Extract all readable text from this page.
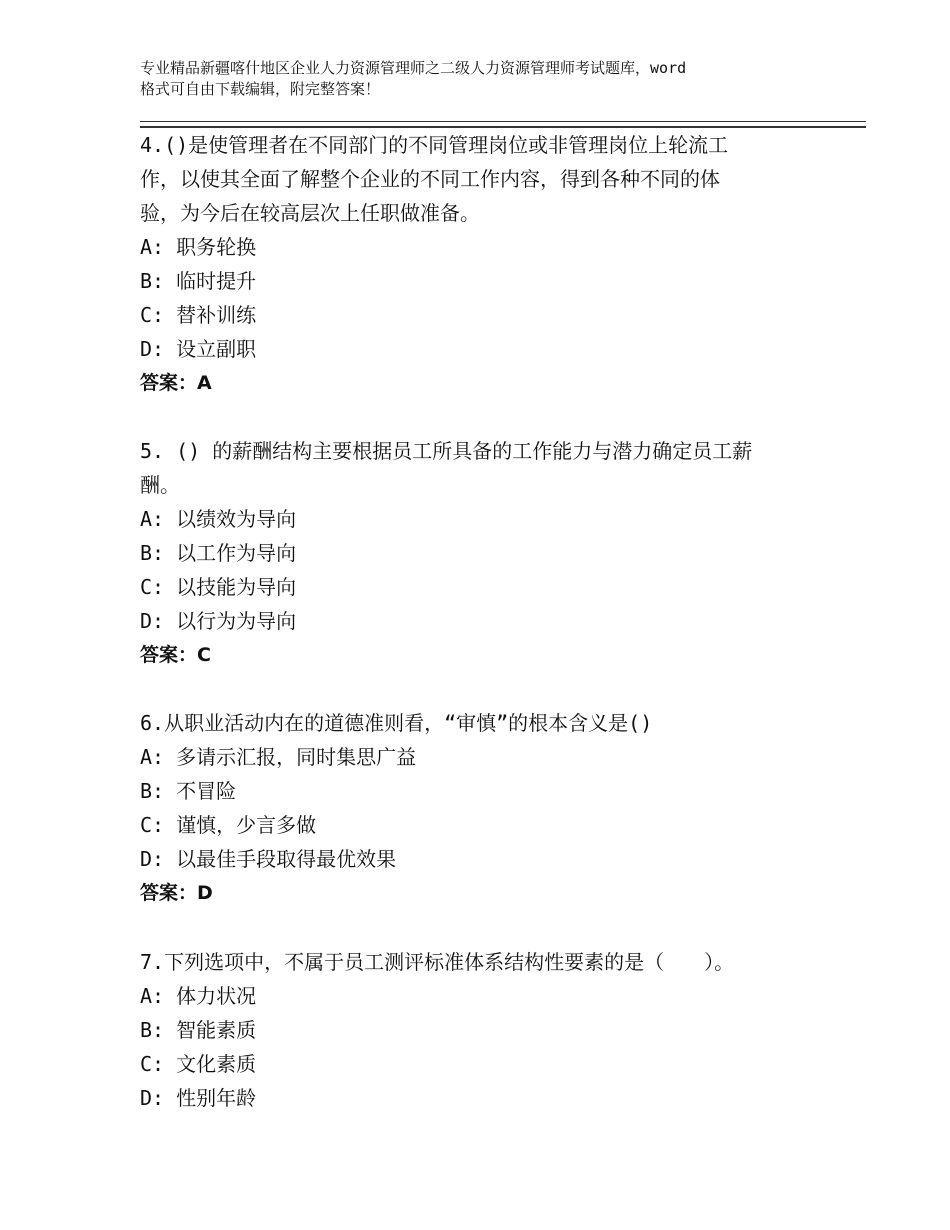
专业精品新疆喀什地区企业人力资源管理师之二级人力资源管理师考试题库，word
格式可自由下载编辑，附完整答案！

4.()是使管理者在不同部门的不同管理岗位或非管理岗位上轮流工

作，以使其全面了解整个企业的不同工作内容，得到各种不同的体

验，为今后在较高层次上任职做准备。

A: 职务轮换

B: 临时提升

C: 替补训练

D: 设立副职

答案：A

5. () 的薪酬结构主要根据员工所具备的工作能力与潜力确定员工薪

酬。

A: 以绩效为导向

B: 以工作为导向

C: 以技能为导向

D: 以行为为导向

答案：C

6.从职业活动内在的道德准则看，“审慎”的根本含义是()

A: 多请示汇报，同时集思广益

B: 不冒险

C: 谨慎，少言多做

D: 以最佳手段取得最优效果

答案：D

7.下列选项中，不属于员工测评标准体系结构性要素的是（　　）。

A: 体力状况

B: 智能素质

C: 文化素质

D: 性别年龄
